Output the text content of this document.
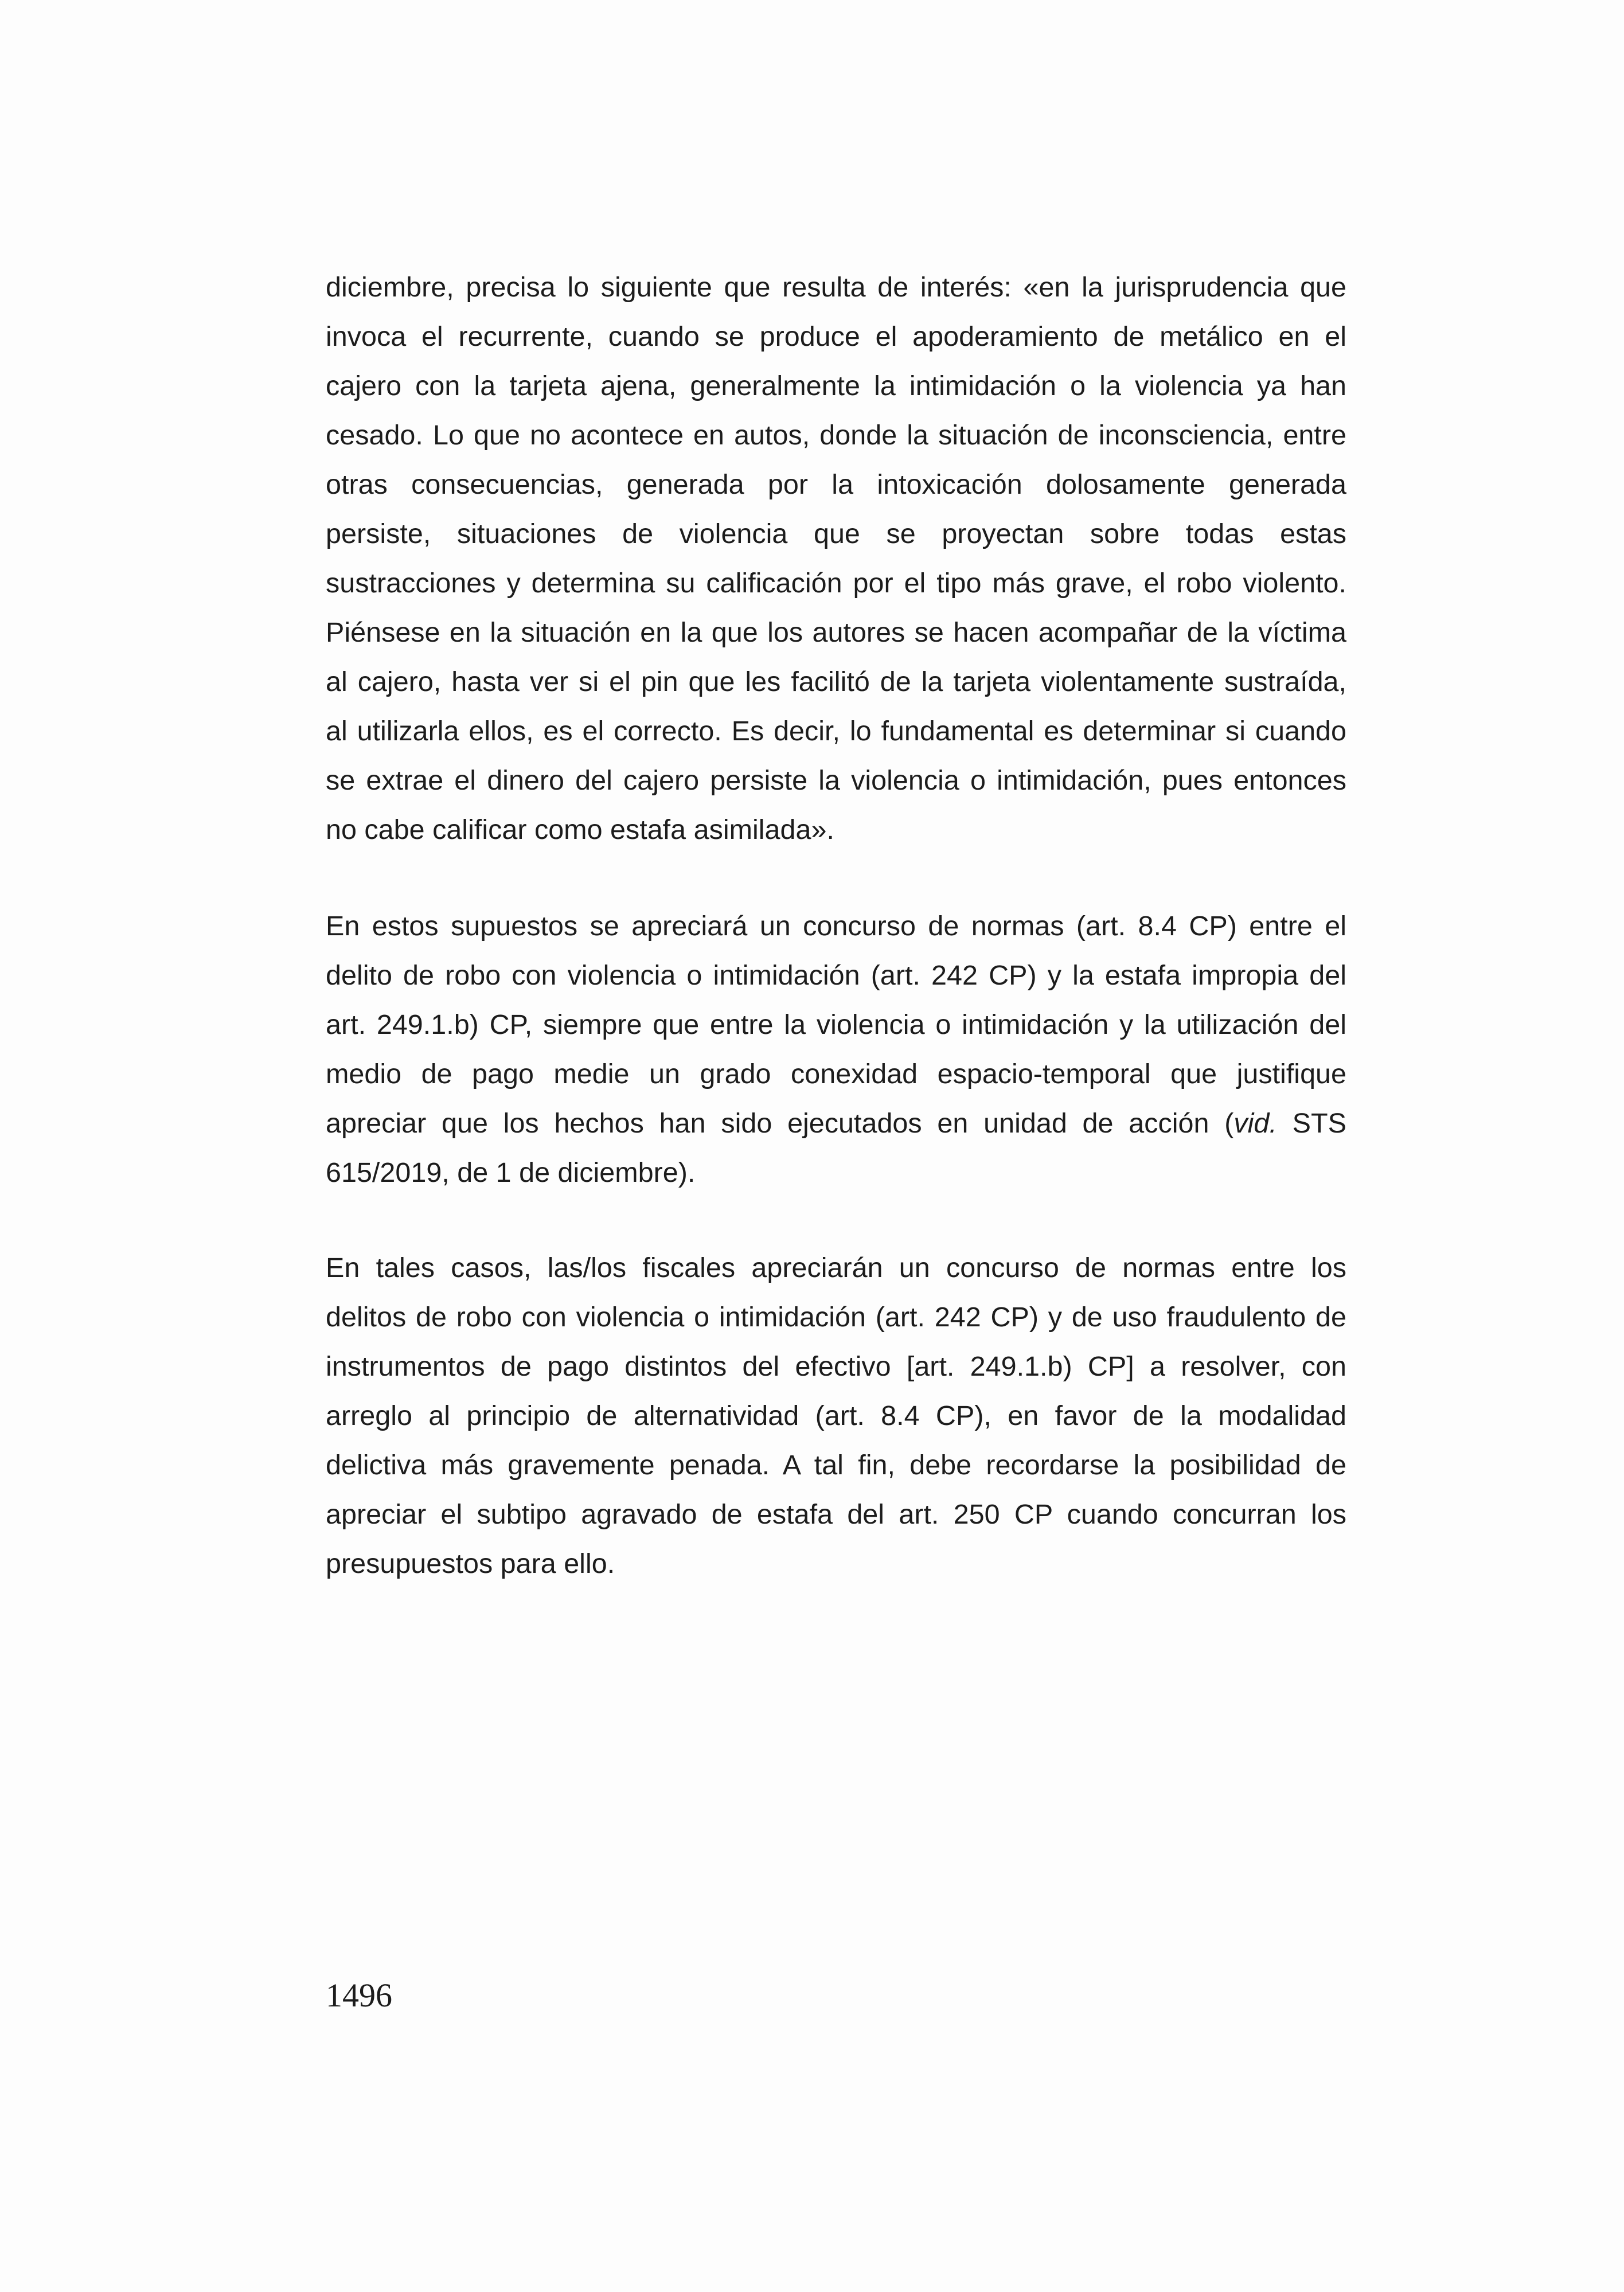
diciembre, precisa lo siguiente que resulta de interés: «en la jurisprudencia que
invoca el recurrente, cuando se produce el apoderamiento de metálico en el
cajero con la tarjeta ajena, generalmente la intimidación o la violencia ya han
cesado. Lo que no acontece en autos, donde la situación de inconsciencia, entre
otras consecuencias, generada por la intoxicación dolosamente generada
persiste, situaciones de violencia que se proyectan sobre todas estas
sustracciones y determina su calificación por el tipo más grave, el robo violento.
Piénsese en la situación en la que los autores se hacen acompañar de la víctima
al cajero, hasta ver si el pin que les facilitó de la tarjeta violentamente sustraída,
al utilizarla ellos, es el correcto. Es decir, lo fundamental es determinar si cuando
se extrae el dinero del cajero persiste la violencia o intimidación, pues entonces
no cabe calificar como estafa asimilada».
En estos supuestos se apreciará un concurso de normas (art. 8.4 CP) entre el
delito de robo con violencia o intimidación (art. 242 CP) y la estafa impropia del
art. 249.1.b) CP, siempre que entre la violencia o intimidación y la utilización del
medio de pago medie un grado conexidad espacio-temporal que justifique
apreciar que los hechos han sido ejecutados en unidad de acción (vid. STS
615/2019, de 1 de diciembre).
En tales casos, las/los fiscales apreciarán un concurso de normas entre los
delitos de robo con violencia o intimidación (art. 242 CP) y de uso fraudulento de
instrumentos de pago distintos del efectivo [art. 249.1.b) CP] a resolver, con
arreglo al principio de alternatividad (art. 8.4 CP), en favor de la modalidad
delictiva más gravemente penada. A tal fin, debe recordarse la posibilidad de
apreciar el subtipo agravado de estafa del art. 250 CP cuando concurran los
presupuestos para ello.
1496
